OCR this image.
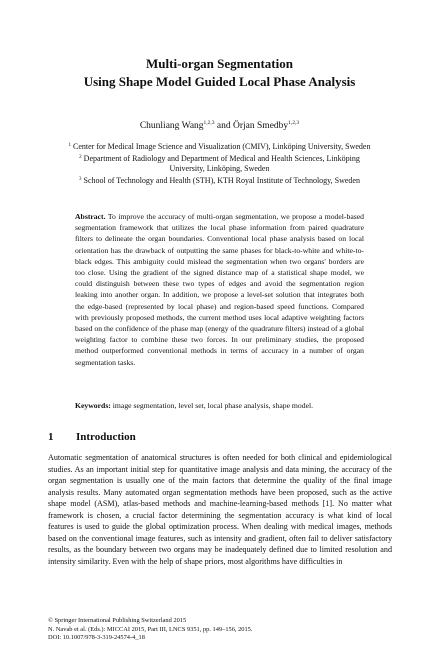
Multi-organ Segmentation
Using Shape Model Guided Local Phase Analysis
Chunliang Wang$^{1,2,3}$ and Örjan Smedby$^{1,2,3}$
$^1$ Center for Medical Image Science and Visualization (CMIV), Linköping University, Sweden
$^2$ Department of Radiology and Department of Medical and Health Sciences, Linköping University, Linköping, Sweden
$^3$ School of Technology and Health (STH), KTH Royal Institute of Technology, Sweden
Abstract. To improve the accuracy of multi-organ segmentation, we propose a model-based segmentation framework that utilizes the local phase information from paired quadrature filters to delineate the organ boundaries. Conventional local phase analysis based on local orientation has the drawback of outputting the same phases for black-to-white and white-to-black edges. This ambiguity could mislead the segmentation when two organs' borders are too close. Using the gradient of the signed distance map of a statistical shape model, we could distinguish between these two types of edges and avoid the segmentation region leaking into another organ. In addition, we propose a level-set solution that integrates both the edge-based (represented by local phase) and region-based speed functions. Compared with previously proposed methods, the current method uses local adaptive weighting factors based on the confidence of the phase map (energy of the quadrature filters) instead of a global weighting factor to combine these two forces. In our preliminary studies, the proposed method outperformed conventional methods in terms of accuracy in a number of organ segmentation tasks.
Keywords: image segmentation, level set, local phase analysis, shape model.
1 Introduction
Automatic segmentation of anatomical structures is often needed for both clinical and epidemiological studies. As an important initial step for quantitative image analysis and data mining, the accuracy of the organ segmentation is usually one of the main factors that determine the quality of the final image analysis results. Many automated organ segmentation methods have been proposed, such as the active shape model (ASM), atlas-based methods and machine-learning-based methods [1]. No matter what framework is chosen, a crucial factor determining the segmentation accuracy is what kind of local features is used to guide the global optimization process. When dealing with medical images, methods based on the conventional image features, such as intensity and gradient, often fail to deliver satisfactory results, as the boundary between two organs may be inadequately defined due to limited resolution and intensity similarity. Even with the help of shape priors, most algorithms have difficulties in
© Springer International Publishing Switzerland 2015
N. Navab et al. (Eds.): MICCAI 2015, Part III, LNCS 9351, pp. 149–156, 2015.
DOI: 10.1007/978-3-319-24574-4_18
